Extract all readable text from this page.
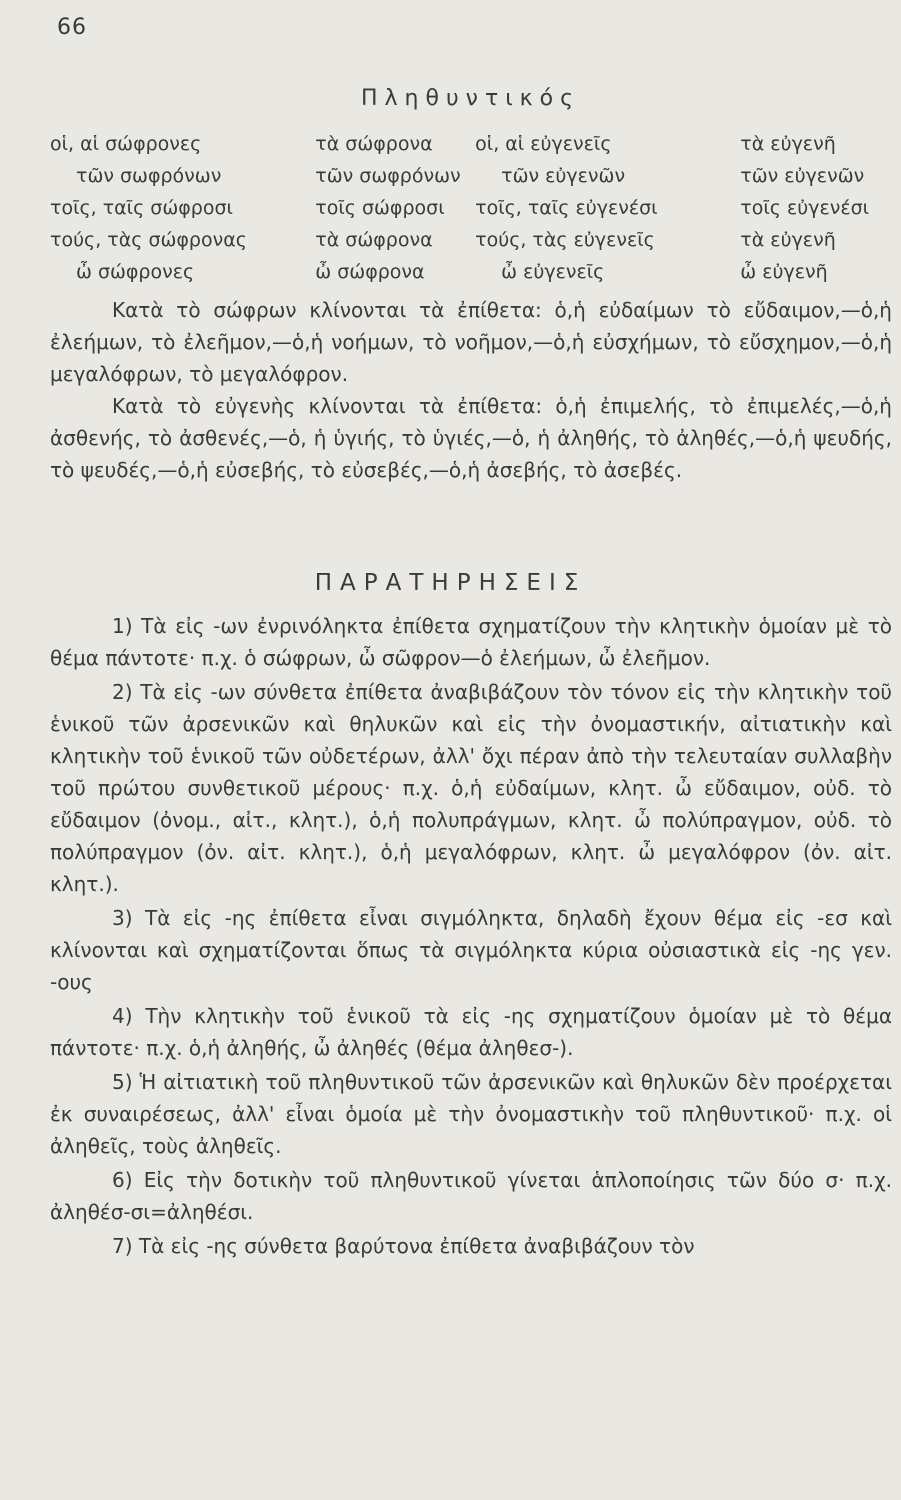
66
Πληθυντικός
οἱ, αἱ σώφρονες	τὰ σώφρονα	οἱ, αἱ εὐγενεῖς	τὰ εὐγενῆ
τῶν σωφρόνων	τῶν σωφρόνων	τῶν εὐγενῶν	τῶν εὐγενῶν
τοῖς, ταῖς σώφροσι	τοῖς σώφροσι	τοῖς, ταῖς εὐγενέσι	τοῖς εὐγενέσι
τούς, τὰς σώφρονας	τὰ σώφρονα	τούς, τὰς εὐγενεῖς	τὰ εὐγενῆ
ὦ σώφρονες	ὦ σώφρονα	ὦ εὐγενεῖς	ὦ εὐγενῆ

Κατὰ τὸ σώφρων κλίνονται τὰ ἐπίθετα: ὁ,ἡ εὐδαίμων τὸ εὔδαιμον,—ὁ,ἡ ἐλεήμων, τὸ ἐλεῆμον,—ὁ,ἡ νοήμων, τὸ νοῆμον,—ὁ,ἡ εὐσχήμων, τὸ εὔσχημον,—ὁ,ἡ μεγαλόφρων, τὸ μεγαλόφρον.

Κατὰ τὸ εὐγενὴς κλίνονται τὰ ἐπίθετα: ὁ,ἡ ἐπιμελής, τὸ ἐπιμελές,—ὁ,ἡ ἀσθενής, τὸ ἀσθενές,—ὁ, ἡ ὑγιής, τὸ ὑγιές,—ὁ, ἡ ἀληθής, τὸ ἀληθές,—ὁ,ἡ ψευδής, τὸ ψευδές,—ὁ,ἡ εὐσεβής, τὸ εὐσεβές,—ὁ,ἡ ἀσεβής, τὸ ἀσεβές.

ΠΑΡΑΤΗΡΗΣΕΙΣ

1) Τὰ εἰς -ων ἐνρινόληκτα ἐπίθετα σχηματίζουν τὴν κλητικὴν ὁμοίαν μὲ τὸ θέμα πάντοτε· π.χ. ὁ σώφρων, ὦ σῶφρον—ὁ ἐλεήμων, ὦ ἐλεῆμον.

2) Τὰ εἰς -ων σύνθετα ἐπίθετα ἀναβιβάζουν τὸν τόνον εἰς τὴν κλητικὴν τοῦ ἑνικοῦ τῶν ἀρσενικῶν καὶ θηλυκῶν καὶ εἰς τὴν ὀνομαστικήν, αἰτιατικὴν καὶ κλητικὴν τοῦ ἑνικοῦ τῶν οὐδετέρων, ἀλλ' ὄχι πέραν ἀπὸ τὴν τελευταίαν συλλαβὴν τοῦ πρώτου συνθετικοῦ μέρους· π.χ. ὁ,ἡ εὐδαίμων, κλητ. ὦ εὔδαιμον, οὐδ. τὸ εὔδαιμον (ὀνομ., αἰτ., κλητ.), ὁ,ἡ πολυπράγμων, κλητ. ὦ πολύπραγμον, οὐδ. τὸ πολύπραγμον (ὀν. αἰτ. κλητ.), ὁ,ἡ μεγαλόφρων, κλητ. ὦ μεγαλόφρον (ὀν. αἰτ. κλητ.).

3) Τὰ εἰς -ης ἐπίθετα εἶναι σιγμόληκτα, δηλαδὴ ἔχουν θέμα εἰς -εσ καὶ κλίνονται καὶ σχηματίζονται ὅπως τὰ σιγμόληκτα κύρια οὐσιαστικὰ εἰς -ης γεν. -ους

4) Τὴν κλητικὴν τοῦ ἑνικοῦ τὰ εἰς -ης σχηματίζουν ὁμοίαν μὲ τὸ θέμα πάντοτε· π.χ. ὁ,ἡ ἀληθής, ὦ ἀληθές (θέμα ἀληθεσ-).

5) Ἡ αἰτιατικὴ τοῦ πληθυντικοῦ τῶν ἀρσενικῶν καὶ θηλυκῶν δὲν προέρχεται ἐκ συναιρέσεως, ἀλλ' εἶναι ὁμοία μὲ τὴν ὀνομαστικὴν τοῦ πληθυντικοῦ· π.χ. οἱ ἀληθεῖς, τοὺς ἀληθεῖς.

6) Εἰς τὴν δοτικὴν τοῦ πληθυντικοῦ γίνεται ἁπλοποίησις τῶν δύο σ· π.χ. ἀληθέσ-σι=ἀληθέσι.

7) Τὰ εἰς -ης σύνθετα βαρύτονα ἐπίθετα ἀναβιβάζουν τὸν
